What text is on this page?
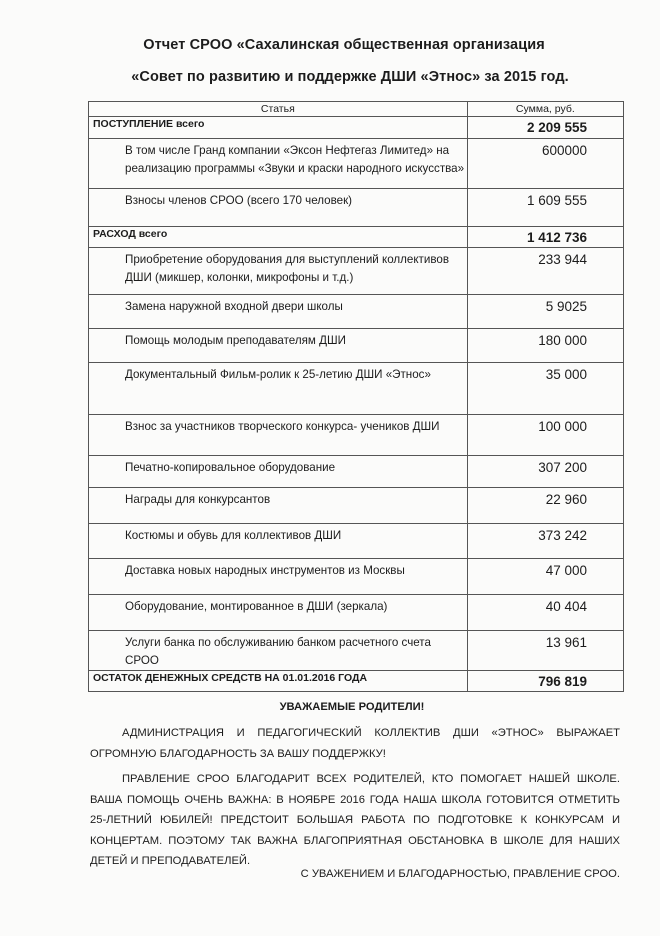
Отчет СРОО «Сахалинская общественная организация
«Совет по развитию и поддержке ДШИ «Этнос» за 2015 год.
Статья	Сумма, руб.
ПОСТУПЛЕНИЕ всего	2 209 555
В том числе Гранд компании «Эксон Нефтегаз Лимитед» на реализацию программы «Звуки и краски народного искусства»	600000
Взносы членов СРОО (всего 170 человек)	1 609 555
РАСХОД всего	1 412 736
Приобретение оборудования для выступлений коллективов ДШИ (микшер, колонки, микрофоны и т.д.)	233 944
Замена наружной входной двери школы	5 9025
Помощь молодым преподавателям ДШИ	180 000
Документальный Фильм-ролик к 25-летию ДШИ «Этнос»	35 000
Взнос за участников творческого конкурса- учеников ДШИ	100 000
Печатно-копировальное оборудование	307 200
Награды для конкурсантов	22 960
Костюмы и обувь для коллективов ДШИ	373 242
Доставка новых народных инструментов из Москвы	47 000
Оборудование, монтированное в ДШИ (зеркала)	40 404
Услуги банка по обслуживанию банком расчетного счета СРОО	13 961
ОСТАТОК ДЕНЕЖНЫХ СРЕДСТВ НА 01.01.2016 ГОДА	796 819
УВАЖАЕМЫЕ РОДИТЕЛИ!
АДМИНИСТРАЦИЯ И ПЕДАГОГИЧЕСКИЙ КОЛЛЕКТИВ ДШИ «ЭТНОС» ВЫРАЖАЕТ ОГРОМНУЮ БЛАГОДАРНОСТЬ ЗА ВАШУ ПОДДЕРЖКУ!
ПРАВЛЕНИЕ СРОО БЛАГОДАРИТ ВСЕХ РОДИТЕЛЕЙ, КТО ПОМОГАЕТ НАШЕЙ ШКОЛЕ. ВАША ПОМОЩЬ ОЧЕНЬ ВАЖНА: В НОЯБРЕ 2016 ГОДА НАША ШКОЛА ГОТОВИТСЯ ОТМЕТИТЬ 25-ЛЕТНИЙ ЮБИЛЕЙ! ПРЕДСТОИТ БОЛЬШАЯ РАБОТА ПО ПОДГОТОВКЕ К КОНКУРСАМ И КОНЦЕРТАМ. ПОЭТОМУ ТАК ВАЖНА БЛАГОПРИЯТНАЯ ОБСТАНОВКА В ШКОЛЕ ДЛЯ НАШИХ ДЕТЕЙ И ПРЕПОДАВАТЕЛЕЙ.
С УВАЖЕНИЕМ И БЛАГОДАРНОСТЬЮ, ПРАВЛЕНИЕ СРОО.
